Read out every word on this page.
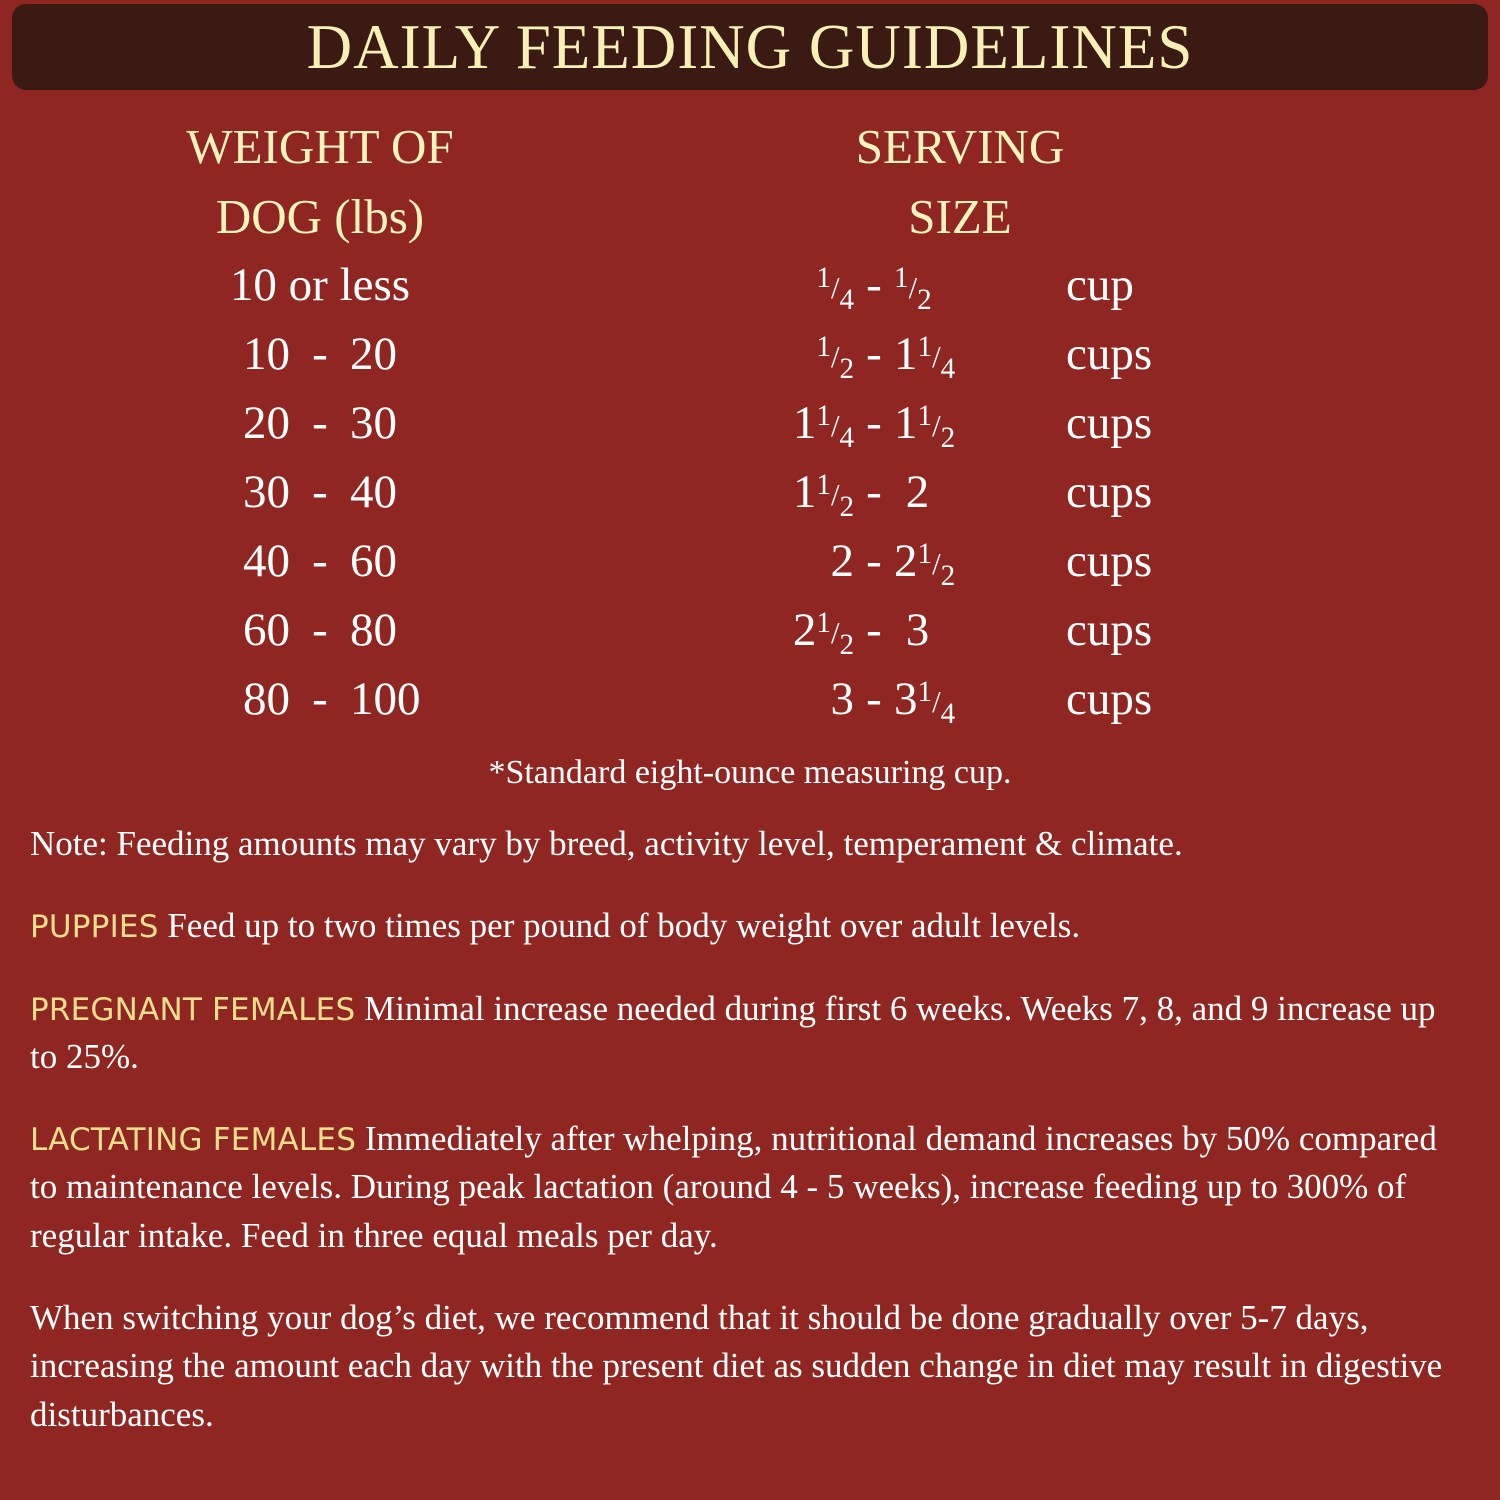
DAILY FEEDING GUIDELINES
WEIGHT OF
DOG (lbs)
SERVING
SIZE
10 or less	1/4 - 1/2	cup
10 - 20	1/2 - 11/4 cups
20 - 30	11/4 - 11/2 cups
30 - 40	11/2 - 2	cups
40 - 60	2 - 21/2 cups
60 - 80	21/2 - 3	cups
80 - 100	3 - 31/4 cups
*Standard eight-ounce measuring cup.

Note: Feeding amounts may vary by breed, activity level, temperament & climate.

PUPPIES Feed up to two times per pound of body weight over adult levels.

PREGNANT FEMALES Minimal increase needed during first 6 weeks. Weeks 7, 8, and 9 increase up to 25%.

LACTATING FEMALES Immediately after whelping, nutritional demand increases by 50% compared to maintenance levels. During peak lactation (around 4 - 5 weeks), increase feeding up to 300% of regular intake. Feed in three equal meals per day.

When switching your dog’s diet, we recommend that it should be done gradually over 5-7 days, increasing the amount each day with the present diet as sudden change in diet may result in digestive disturbances.
